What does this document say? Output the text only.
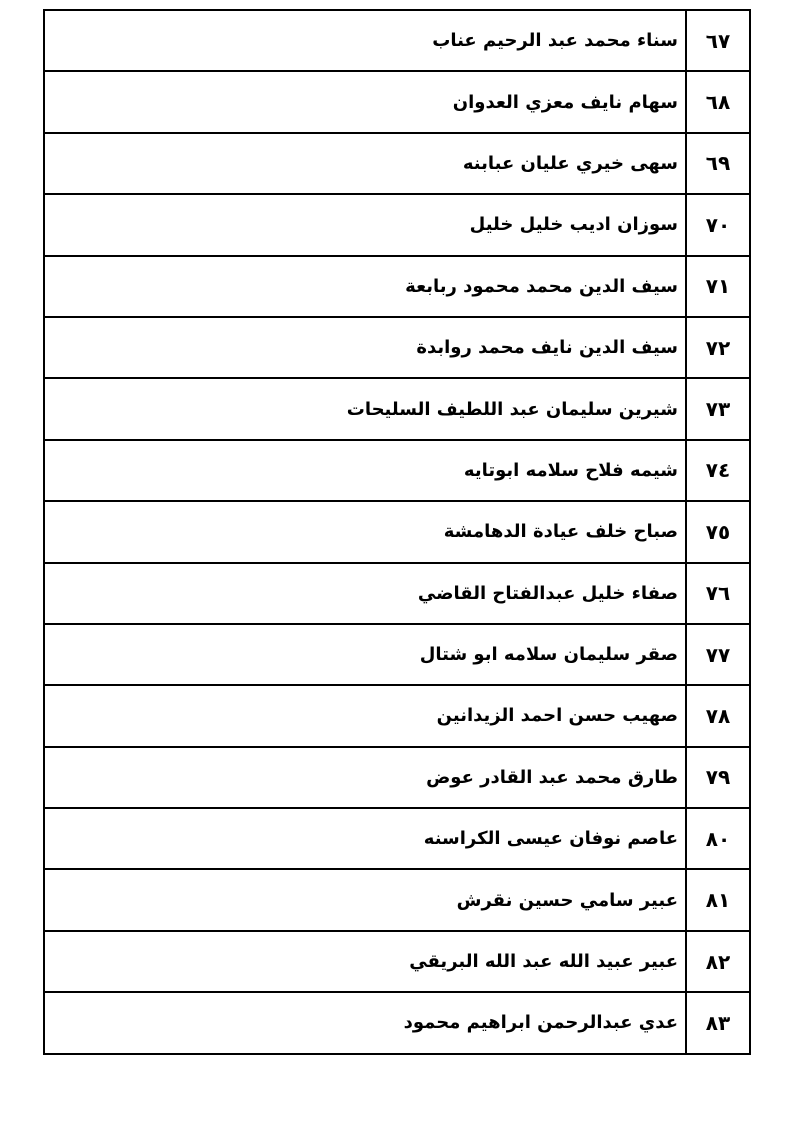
٦٧	سناء محمد عبد الرحيم عناب
٦٨	سهام نايف معزي العدوان
٦٩	سهى خيري عليان عبابنه
٧٠	سوزان اديب خليل خليل
٧١	سيف الدين محمد محمود ربابعة
٧٢	سيف الدين نايف محمد روابدة
٧٣	شيرين سليمان عبد اللطيف السليحات
٧٤	شيمه فلاح سلامه ابوتايه
٧٥	صباح خلف عيادة الدهامشة
٧٦	صفاء خليل عبدالفتاح القاضي
٧٧	صقر سليمان سلامه ابو شتال
٧٨	صهيب حسن احمد الزيدانين
٧٩	طارق محمد عبد القادر عوض
٨٠	عاصم نوفان عيسى الكراسنه
٨١	عبير سامي حسين نقرش
٨٢	عبير عبيد الله عبد الله البريقي
٨٣	عدي عبدالرحمن ابراهيم محمود
